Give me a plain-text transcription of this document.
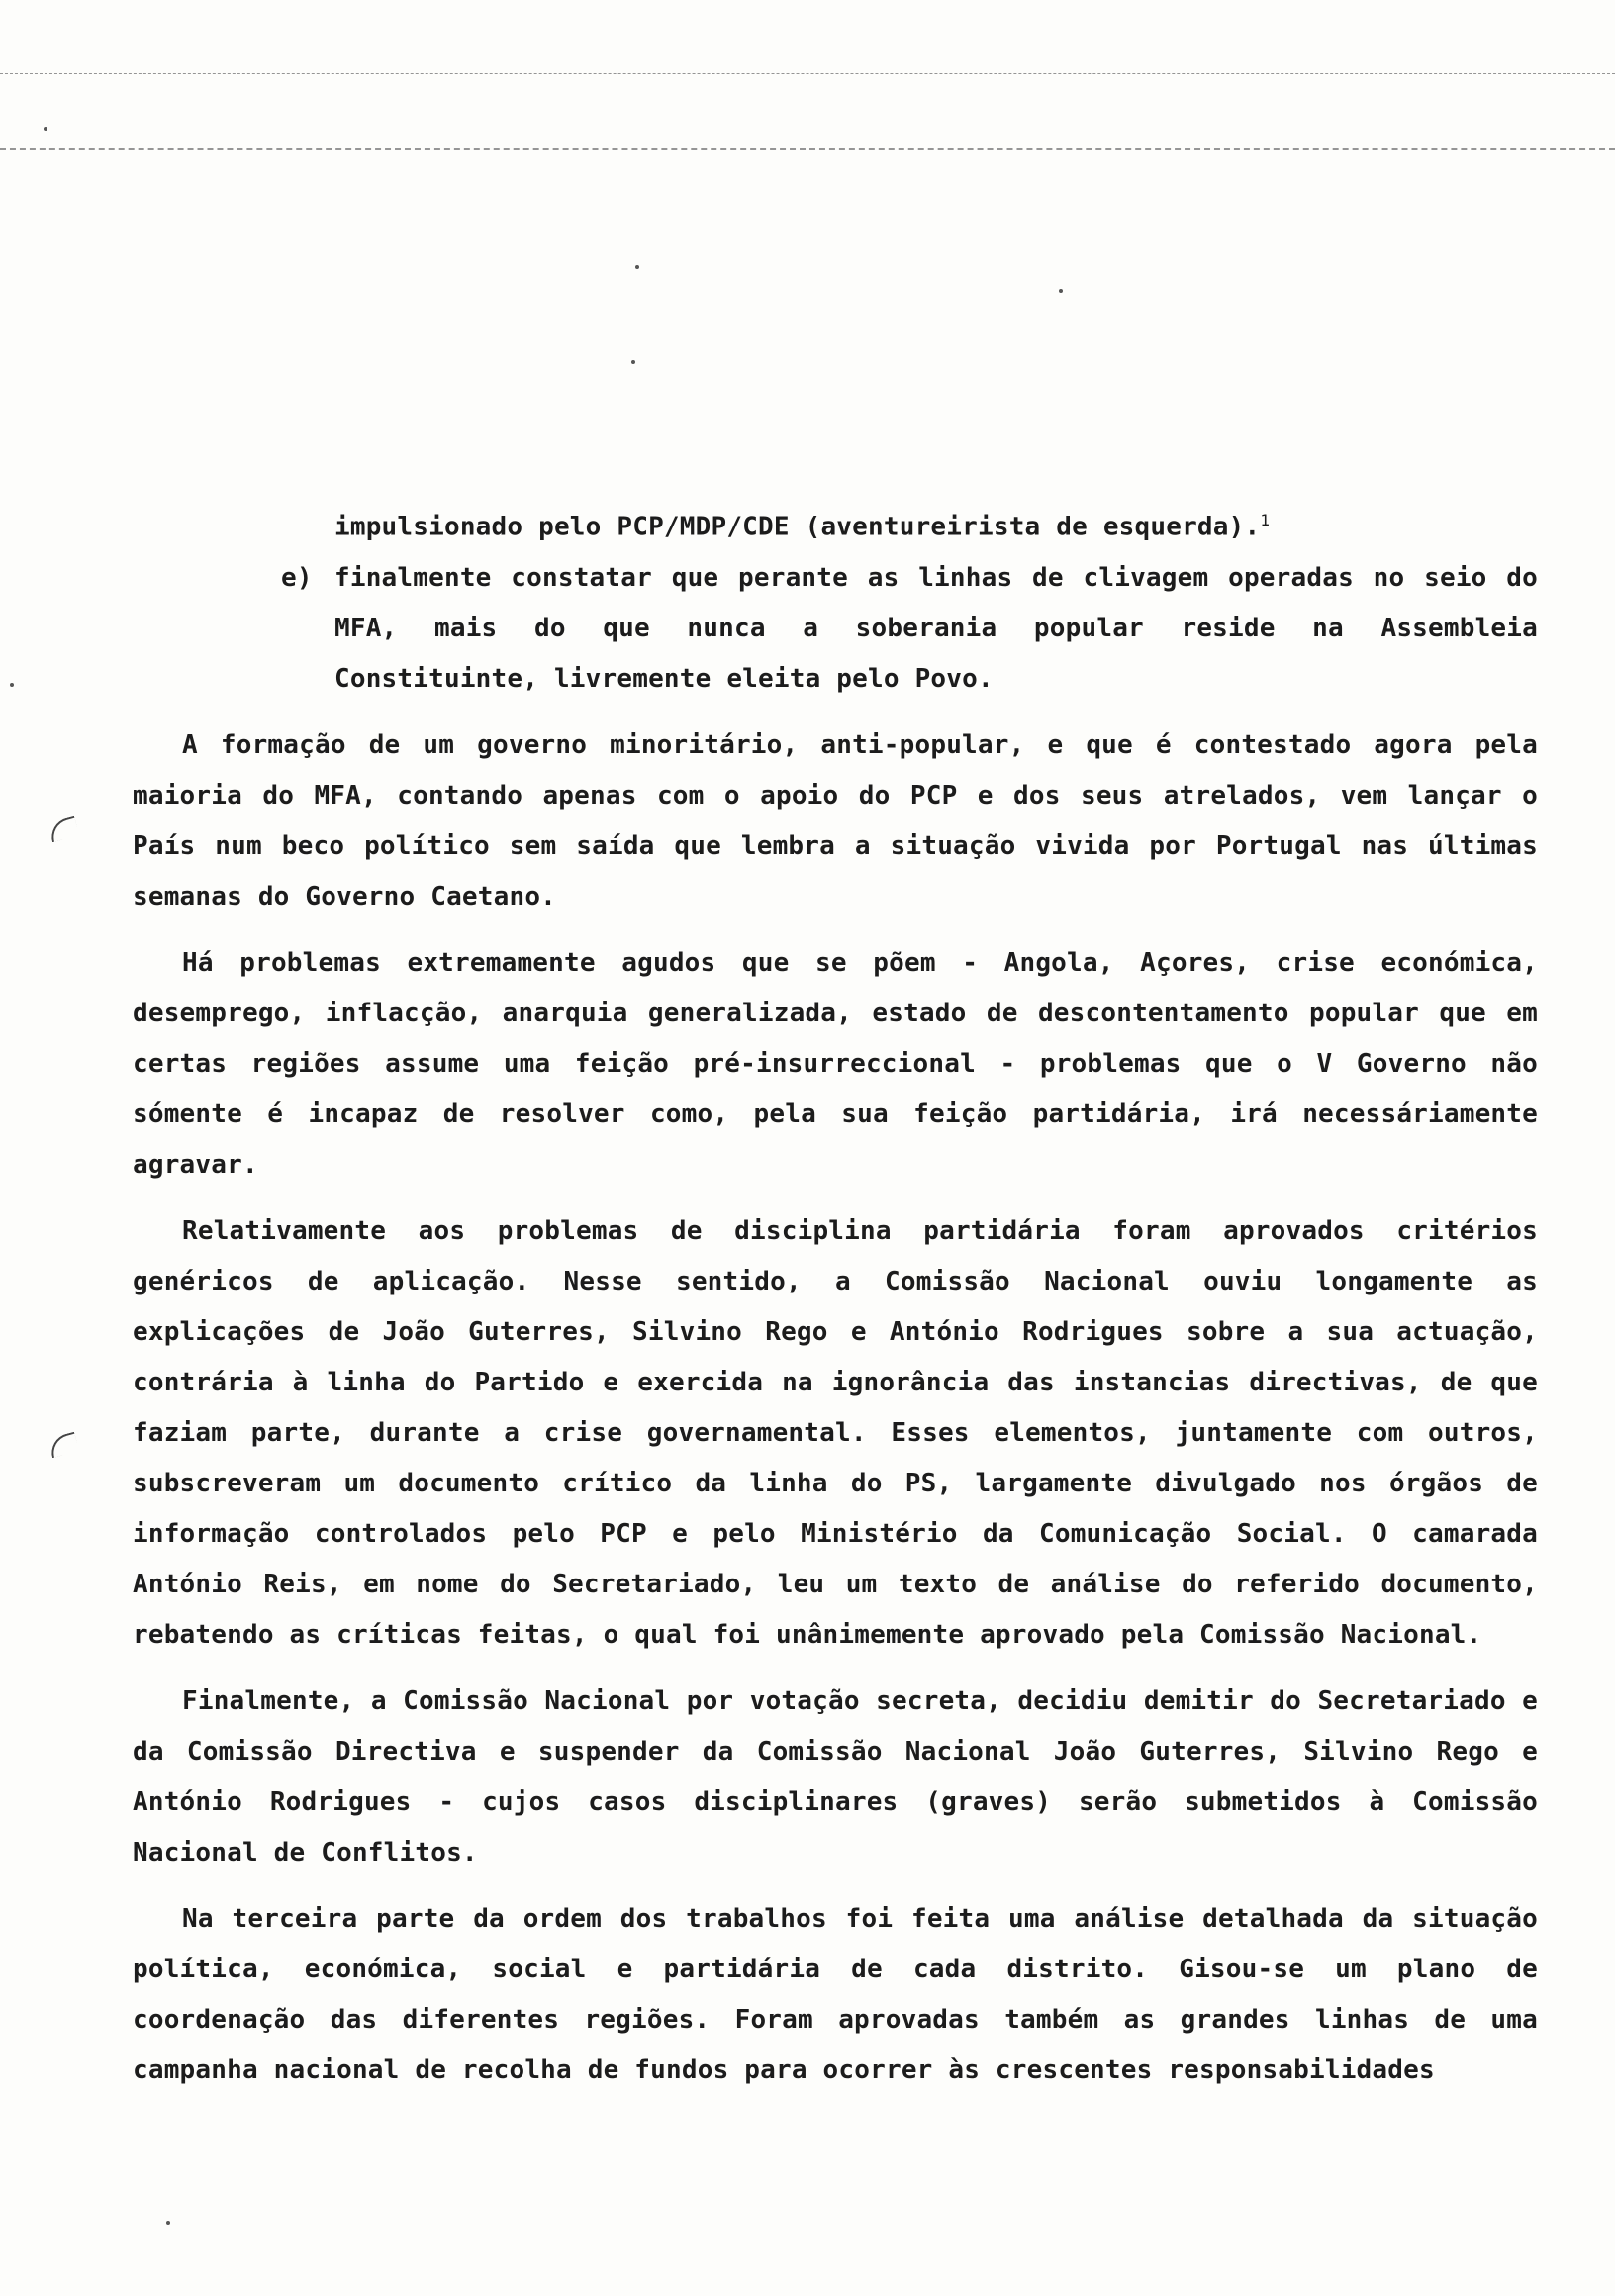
impulsionado pelo PCP/MDP/CDE (aventureirista de esquerda).$^1$

e) finalmente constatar que perante as linhas de clivagem operadas no seio do MFA, mais do que nunca a soberania popular reside na Assembleia Constituinte, livremente eleita pelo Povo.

A formação de um governo minoritário, anti-popular, e que é contestado agora pela maioria do MFA, contando apenas com o apoio do PCP e dos seus atrelados, vem lançar o País num beco político sem saída que lembra a situação vivida por Portugal nas últimas semanas do Governo Caetano.

Há problemas extremamente agudos que se põem - Angola, Açores, crise económica, desemprego, inflacção, anarquia generalizada, estado de descontentamento popular que em certas regiões assume uma feição pré-insurreccional - problemas que o V Governo não sómente é incapaz de resolver como, pela sua feição partidária, irá necessáriamente agravar.

Relativamente aos problemas de disciplina partidária foram aprovados critérios genéricos de aplicação. Nesse sentido, a Comissão Nacional ouviu longamente as explicações de João Guterres, Silvino Rego e António Rodrigues sobre a sua actuação, contrária à linha do Partido e exercida na ignorância das instancias directivas, de que faziam parte, durante a crise governamental. Esses elementos, juntamente com outros, subscreveram um documento crítico da linha do PS, largamente divulgado nos órgãos de informação controlados pelo PCP e pelo Ministério da Comunicação Social. O camarada António Reis, em nome do Secretariado, leu um texto de análise do referido documento, rebatendo as críticas feitas, o qual foi unânimemente aprovado pela Comissão Nacional.

Finalmente, a Comissão Nacional por votação secreta, decidiu demitir do Secretariado e da Comissão Directiva e suspender da Comissão Nacional João Guterres, Silvino Rego e António Rodrigues - cujos casos disciplinares (graves) serão submetidos à Comissão Nacional de Conflitos.

Na terceira parte da ordem dos trabalhos foi feita uma análise detalhada da situação política, económica, social e partidária de cada distrito. Gisou-se um plano de coordenação das diferentes regiões. Foram aprovadas também as grandes linhas de uma campanha nacional de recolha de fundos para ocorrer às crescentes responsabilidades
